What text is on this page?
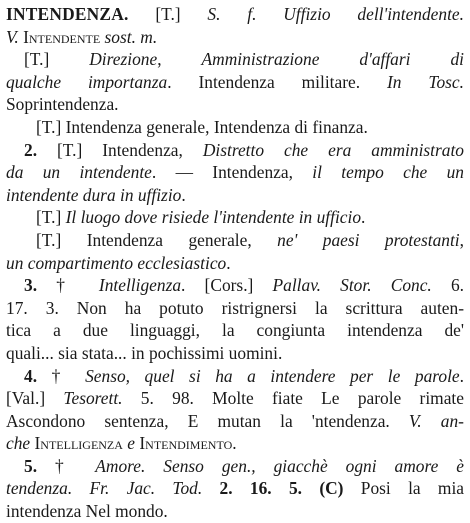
INTENDENZA. [T.] S. f. Uffizio dell'intendente.
V. Intendente sost. m.
[T.] Direzione, Amministrazione d'affari di
qualche importanza. Intendenza militare. In Tosc.
Soprintendenza.
[T.] Intendenza generale, Intendenza di finanza.
2. [T.] Intendenza, Distretto che era amministrato
da un intendente. — Intendenza, il tempo che un
intendente dura in uffizio.
[T.] Il luogo dove risiede l'intendente in ufficio.
[T.] Intendenza generale, ne' paesi protestanti,
un compartimento ecclesiastico.
3. † Intelligenza. [Cors.] Pallav. Stor. Conc. 6.
17. 3. Non ha potuto ristrignersi la scrittura auten-
tica a due linguaggi, la congiunta intendenza de'
quali... sia stata... in pochissimi uomini.
4. † Senso, quel si ha a intendere per le parole.
[Val.] Tesorett. 5. 98. Molte fiate Le parole rimate
Ascondono sentenza, E mutan la 'ntendenza. V. an-
che Intelligenza e Intendimento.
5. † Amore. Senso gen., giacchè ogni amore è
tendenza. Fr. Jac. Tod. 2. 16. 5. (C) Posi la mia
intendenza Nel mondo.
